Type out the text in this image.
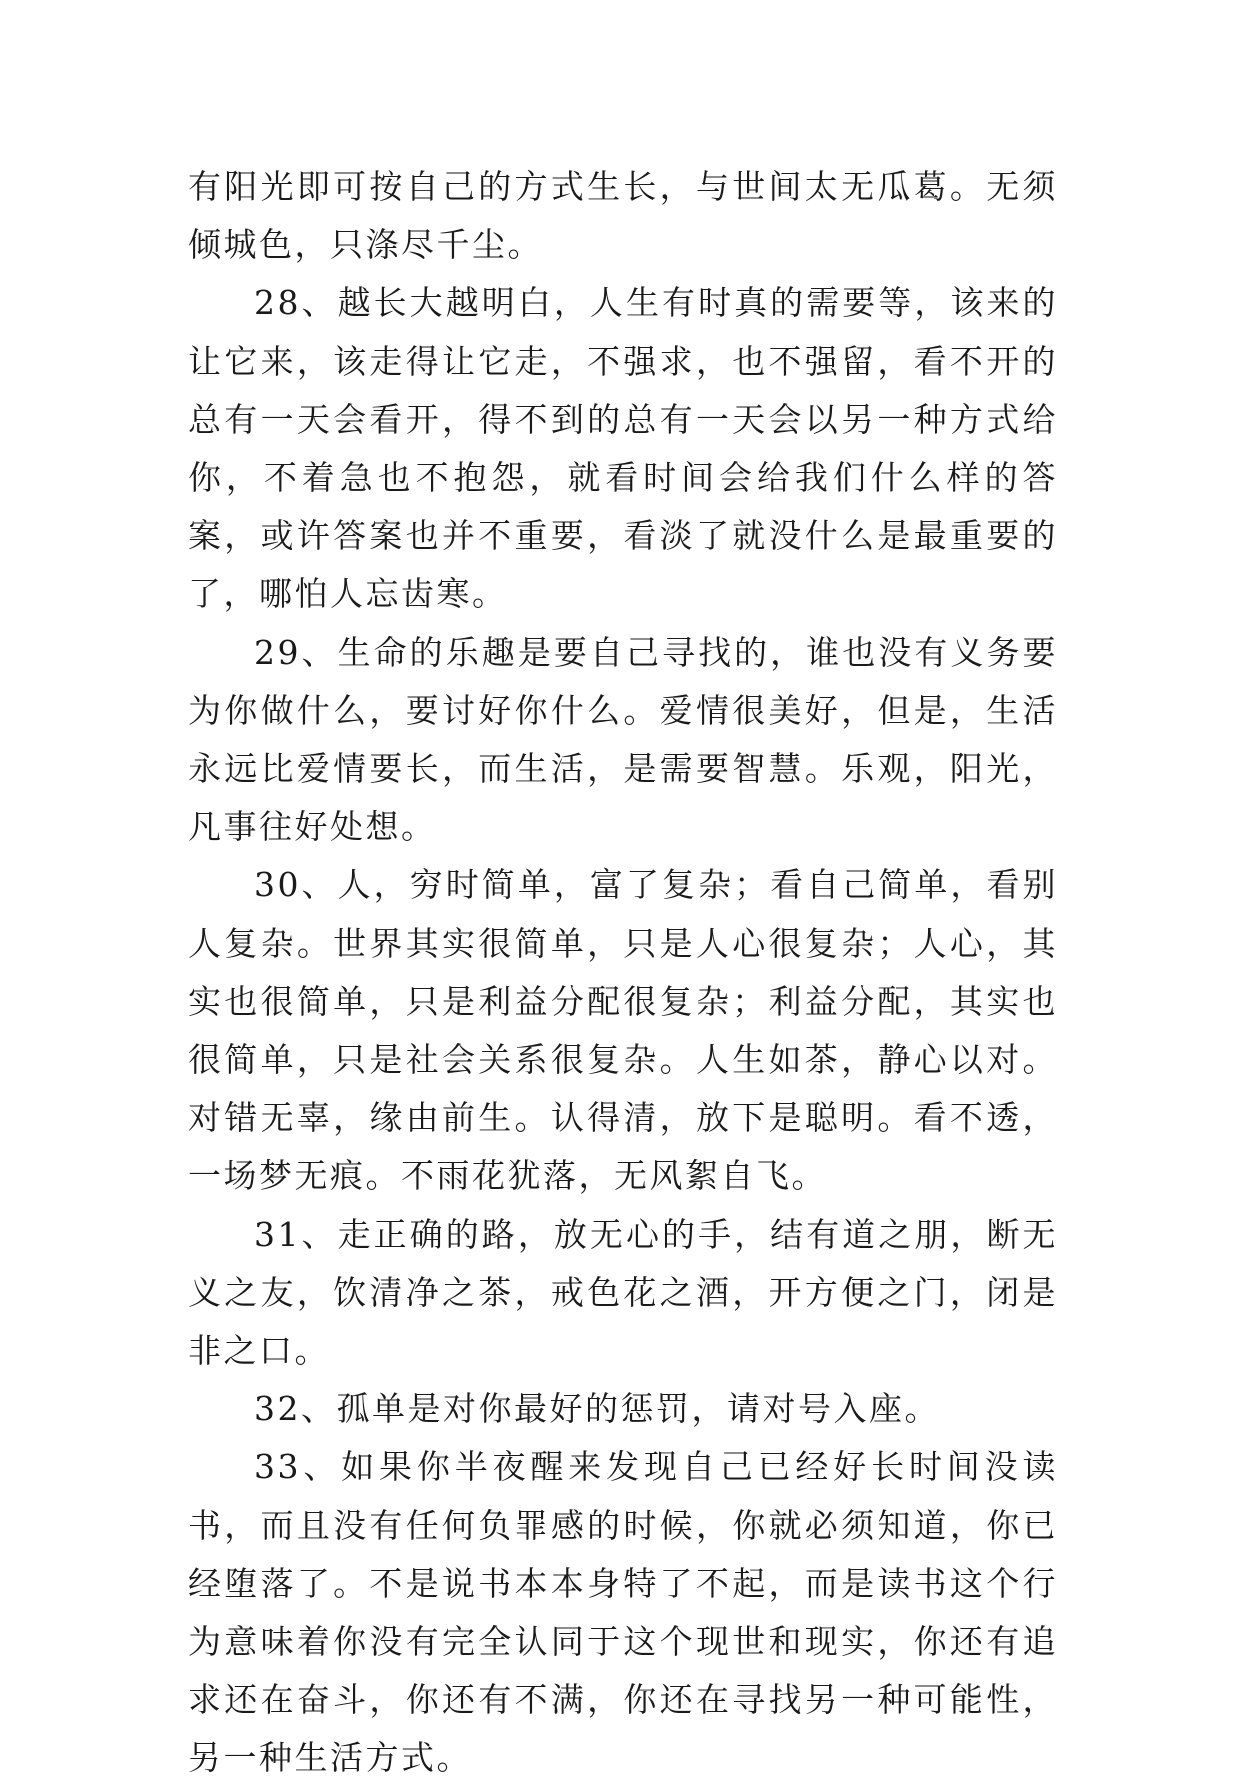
有阳光即可按自己的方式生长，与世间太无瓜葛。无须倾城色，只涤尽千尘。

28、越长大越明白，人生有时真的需要等，该来的让它来，该走得让它走，不强求，也不强留，看不开的总有一天会看开，得不到的总有一天会以另一种方式给你，不着急也不抱怨，就看时间会给我们什么样的答案，或许答案也并不重要，看淡了就没什么是最重要的了，哪怕人忘齿寒。

29、生命的乐趣是要自己寻找的，谁也没有义务要为你做什么，要讨好你什么。爱情很美好，但是，生活永远比爱情要长，而生活，是需要智慧。乐观，阳光，凡事往好处想。

30、人，穷时简单，富了复杂；看自己简单，看别人复杂。世界其实很简单，只是人心很复杂；人心，其实也很简单，只是利益分配很复杂；利益分配，其实也很简单，只是社会关系很复杂。人生如茶，静心以对。对错无辜，缘由前生。认得清，放下是聪明。看不透，一场梦无痕。不雨花犹落，无风絮自飞。

31、走正确的路，放无心的手，结有道之朋，断无义之友，饮清净之茶，戒色花之酒，开方便之门，闭是非之口。

32、孤单是对你最好的惩罚，请对号入座。

33、如果你半夜醒来发现自己已经好长时间没读书，而且没有任何负罪感的时候，你就必须知道，你已经堕落了。不是说书本本身特了不起，而是读书这个行为意味着你没有完全认同于这个现世和现实，你还有追求还在奋斗，你还有不满，你还在寻找另一种可能性，另一种生活方式。
